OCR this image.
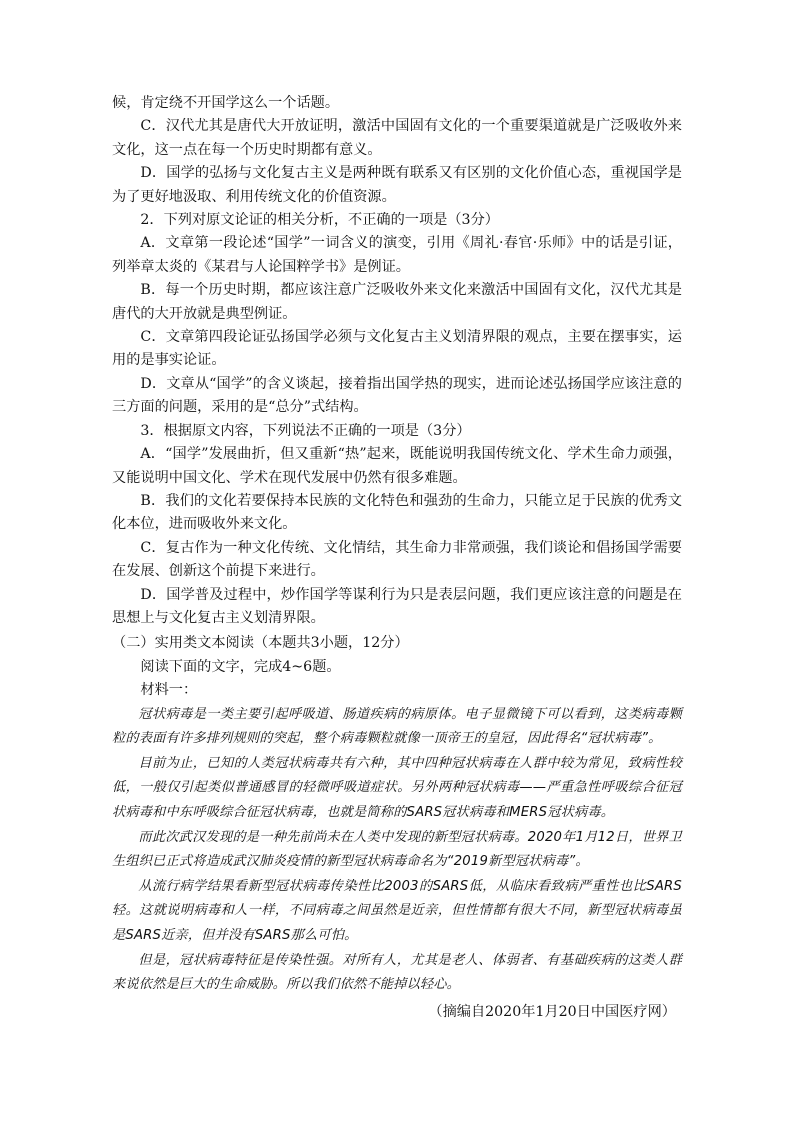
候，肯定绕不开国学这么一个话题。

C．汉代尤其是唐代大开放证明，激活中国固有文化的一个重要渠道就是广泛吸收外来文化，这一点在每一个历史时期都有意义。

D．国学的弘扬与文化复古主义是两种既有联系又有区别的文化价值心态，重视国学是为了更好地汲取、利用传统文化的价值资源。

2．下列对原文论证的相关分析，不正确的一项是（3分）

A．文章第一段论述“国学”一词含义的演变，引用《周礼·春官·乐师》中的话是引证，列举章太炎的《某君与人论国粹学书》是例证。

B．每一个历史时期，都应该注意广泛吸收外来文化来激活中国固有文化，汉代尤其是唐代的大开放就是典型例证。

C．文章第四段论证弘扬国学必须与文化复古主义划清界限的观点，主要在摆事实，运用的是事实论证。

D．文章从“国学”的含义谈起，接着指出国学热的现实，进而论述弘扬国学应该注意的三方面的问题，采用的是“总分”式结构。

3．根据原文内容，下列说法不正确的一项是（3分）

A．“国学”发展曲折，但又重新“热”起来，既能说明我国传统文化、学术生命力顽强，又能说明中国文化、学术在现代发展中仍然有很多难题。

B．我们的文化若要保持本民族的文化特色和强劲的生命力，只能立足于民族的优秀文化本位，进而吸收外来文化。

C．复古作为一种文化传统、文化情结，其生命力非常顽强，我们谈论和倡扬国学需要在发展、创新这个前提下来进行。

D．国学普及过程中，炒作国学等谋利行为只是表层问题，我们更应该注意的问题是在思想上与文化复古主义划清界限。

（二）实用类文本阅读（本题共3小题，12分）

阅读下面的文字，完成4~6题。

材料一：

冠状病毒是一类主要引起呼吸道、肠道疾病的病原体。电子显微镜下可以看到，这类病毒颗粒的表面有许多排列规则的突起，整个病毒颗粒就像一顶帝王的皇冠，因此得名“冠状病毒”。

目前为止，已知的人类冠状病毒共有六种，其中四种冠状病毒在人群中较为常见，致病性较低，一般仅引起类似普通感冒的轻微呼吸道症状。另外两种冠状病毒——严重急性呼吸综合征冠状病毒和中东呼吸综合征冠状病毒，也就是简称的SARS冠状病毒和MERS冠状病毒。

而此次武汉发现的是一种先前尚未在人类中发现的新型冠状病毒。2020年1月12日，世界卫生组织已正式将造成武汉肺炎疫情的新型冠状病毒命名为“2019新型冠状病毒”。

从流行病学结果看新型冠状病毒传染性比2003的SARS低，从临床看致病严重性也比SARS轻。这就说明病毒和人一样，不同病毒之间虽然是近亲，但性情都有很大不同，新型冠状病毒虽是SARS近亲，但并没有SARS那么可怕。

但是，冠状病毒特征是传染性强。对所有人，尤其是老人、体弱者、有基础疾病的这类人群来说依然是巨大的生命威胁。所以我们依然不能掉以轻心。

（摘编自2020年1月20日中国医疗网）
